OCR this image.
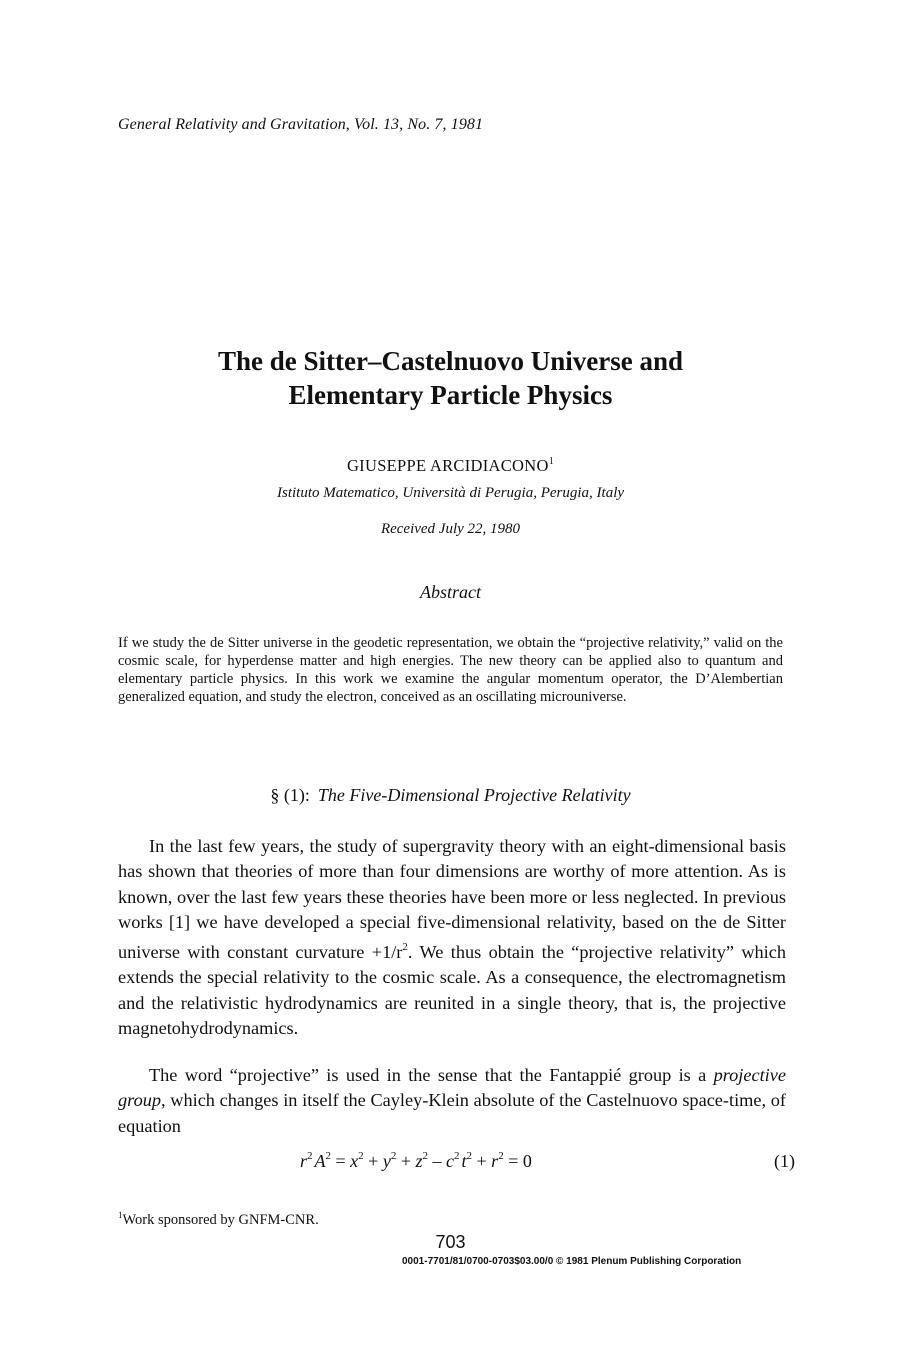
General Relativity and Gravitation, Vol. 13, No. 7, 1981
The de Sitter–Castelnuovo Universe and
Elementary Particle Physics
GIUSEPPE ARCIDIACONO$^1$
Istituto Matematico, Università di Perugia, Perugia, Italy
Received July 22, 1980
Abstract
If we study the de Sitter universe in the geodetic representation, we obtain the “projective relativity,” valid on the cosmic scale, for hyperdense matter and high energies. The new theory can be applied also to quantum and elementary particle physics. In this work we examine the angular momentum operator, the D’Alembertian generalized equation, and study the electron, conceived as an oscillating microuniverse.
§ (1): The Five-Dimensional Projective Relativity
In the last few years, the study of supergravity theory with an eight-dimensional basis has shown that theories of more than four dimensions are worthy of more attention. As is known, over the last few years these theories have been more or less neglected. In previous works [1] we have developed a special five-dimensional relativity, based on the de Sitter universe with constant curvature $+1/r^2$. We thus obtain the “projective relativity” which extends the special relativity to the cosmic scale. As a consequence, the electromagnetism and the relativistic hydrodynamics are reunited in a single theory, that is, the projective magnetohydrodynamics.
The word “projective” is used in the sense that the Fantappié group is a projective group, which changes in itself the Cayley-Klein absolute of the Castelnuovo space-time, of equation
$r^2$ $A^2 = x^2 + y^2 + z^2 - c^2$ $t^2 + r^2 = 0$	(1)
$^1$Work sponsored by GNFM-CNR.
703
0001-7701/81/0700-0703$03.00/0 © 1981 Plenum Publishing Corporation
